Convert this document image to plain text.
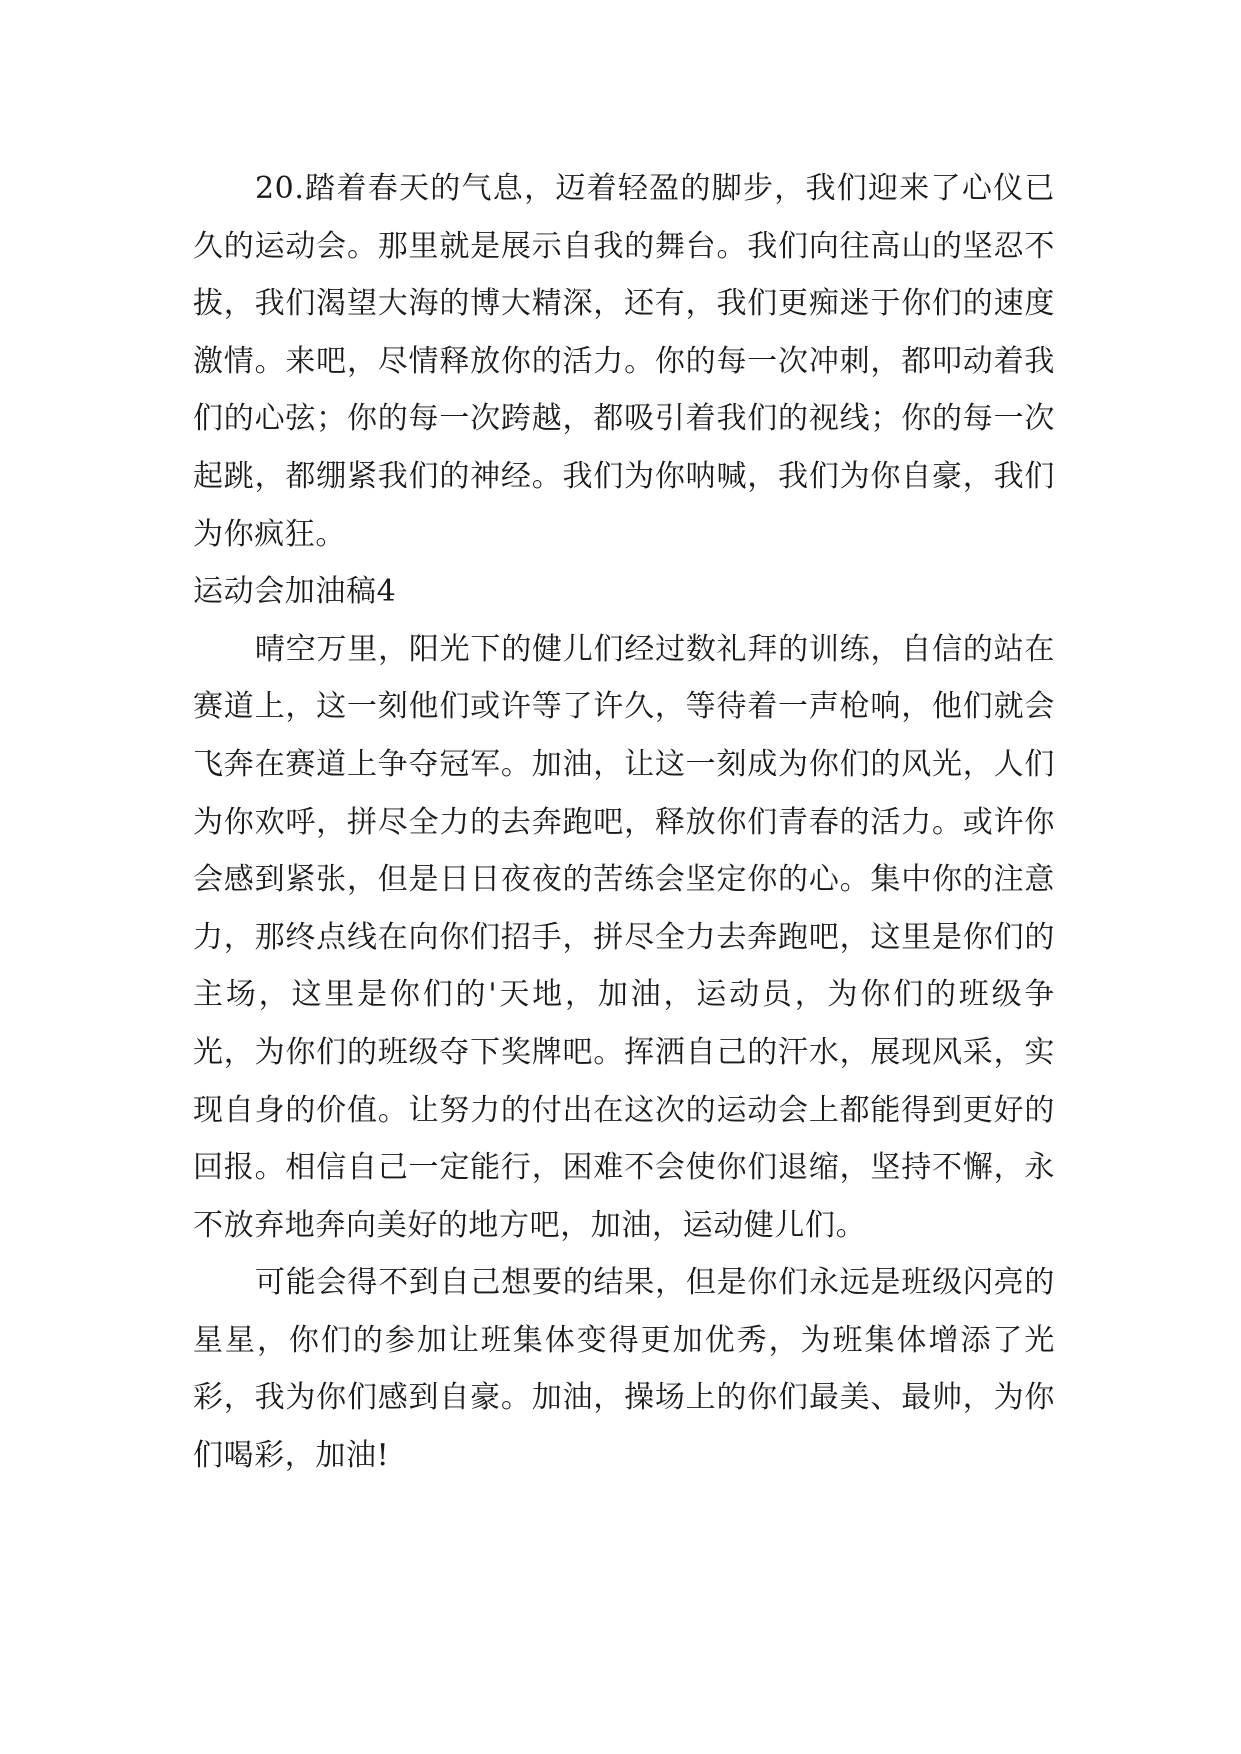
20.踏着春天的气息，迈着轻盈的脚步，我们迎来了心仪已久的运动会。那里就是展示自我的舞台。我们向往高山的坚忍不拔，我们渴望大海的博大精深，还有，我们更痴迷于你们的速度激情。来吧，尽情释放你的活力。你的每一次冲刺，都叩动着我们的心弦；你的每一次跨越，都吸引着我们的视线；你的每一次起跳，都绷紧我们的神经。我们为你呐喊，我们为你自豪，我们为你疯狂。

运动会加油稿4

晴空万里，阳光下的健儿们经过数礼拜的训练，自信的站在赛道上，这一刻他们或许等了许久，等待着一声枪响，他们就会飞奔在赛道上争夺冠军。加油，让这一刻成为你们的风光，人们为你欢呼，拼尽全力的去奔跑吧，释放你们青春的活力。或许你会感到紧张，但是日日夜夜的苦练会坚定你的心。集中你的注意力，那终点线在向你们招手，拼尽全力去奔跑吧，这里是你们的主场，这里是你们的'天地，加油，运动员，为你们的班级争光，为你们的班级夺下奖牌吧。挥洒自己的汗水，展现风采，实现自身的价值。让努力的付出在这次的运动会上都能得到更好的回报。相信自己一定能行，困难不会使你们退缩，坚持不懈，永不放弃地奔向美好的地方吧，加油，运动健儿们。

可能会得不到自己想要的结果，但是你们永远是班级闪亮的星星，你们的参加让班集体变得更加优秀，为班集体增添了光彩，我为你们感到自豪。加油，操场上的你们最美、最帅，为你们喝彩，加油!
